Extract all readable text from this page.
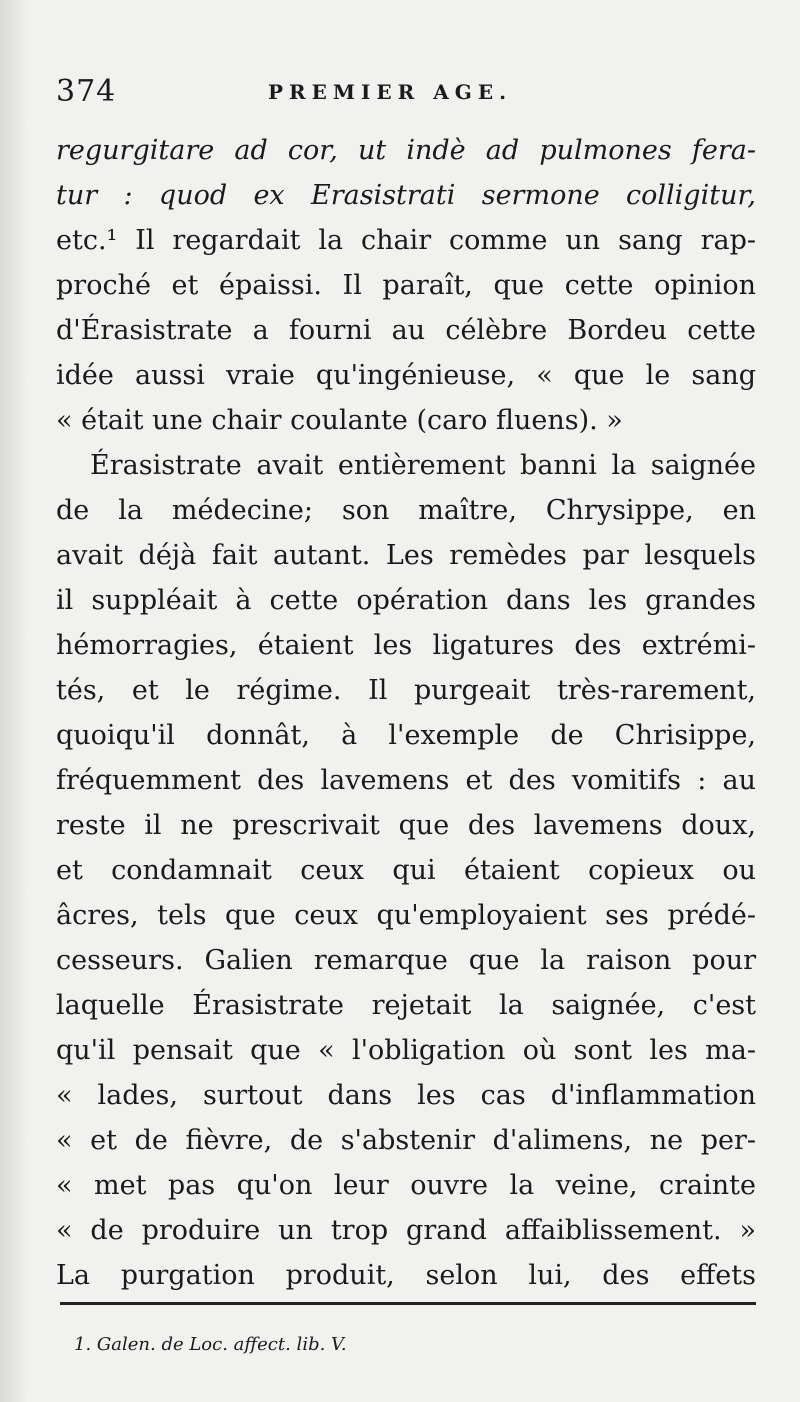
374	PREMIER AGE.
regurgitare ad cor, ut indè ad pulmones fera-
tur : quod ex Erasistrati sermone colligitur,
etc.¹ Il regardait la chair comme un sang rap-
proché et épaissi. Il paraît, que cette opinion
d'Érasistrate a fourni au célèbre Bordeu cette
idée aussi vraie qu'ingénieuse, « que le sang
« était une chair coulante (caro fluens). »
Érasistrate avait entièrement banni la saignée
de la médecine; son maître, Chrysippe, en
avait déjà fait autant. Les remèdes par lesquels
il suppléait à cette opération dans les grandes
hémorragies, étaient les ligatures des extrémi-
tés, et le régime. Il purgeait très-rarement,
quoiqu'il donnât, à l'exemple de Chrisippe,
fréquemment des lavemens et des vomitifs : au
reste il ne prescrivait que des lavemens doux,
et condamnait ceux qui étaient copieux ou
âcres, tels que ceux qu'employaient ses prédé-
cesseurs. Galien remarque que la raison pour
laquelle Érasistrate rejetait la saignée, c'est
qu'il pensait que « l'obligation où sont les ma-
« lades, surtout dans les cas d'inflammation
« et de fièvre, de s'abstenir d'alimens, ne per-
« met pas qu'on leur ouvre la veine, crainte
« de produire un trop grand affaiblissement. »
La purgation produit, selon lui, des effets
1. Galen. de Loc. affect. lib. V.
